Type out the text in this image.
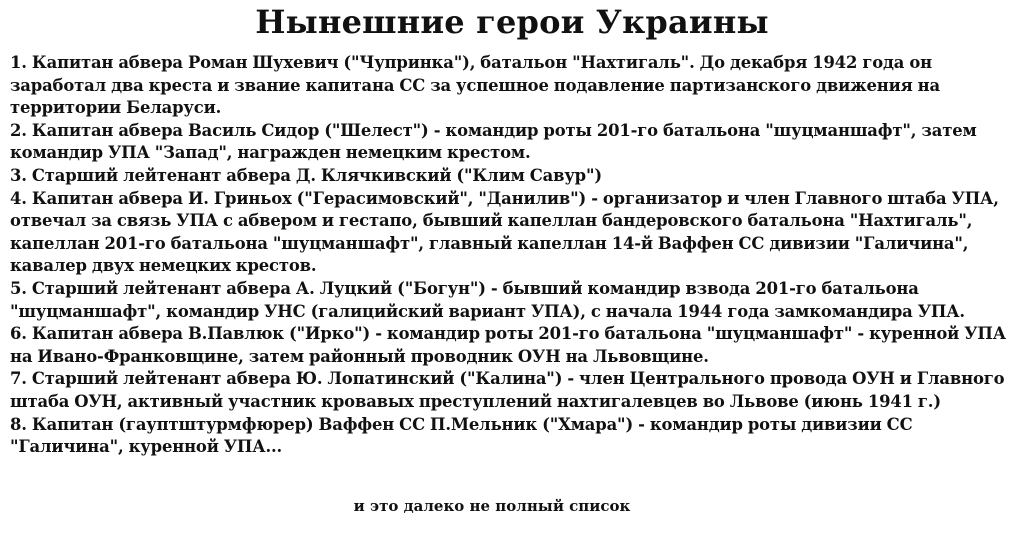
Нынешние герои Украины

1. Капитан абвера Роман Шухевич ("Чупринка"), батальон "Нахтигаль". До декабря 1942 года он заработал два креста и звание капитана СС за успешное подавление партизанского движения на территории Беларуси.

2. Капитан абвера Василь Сидор ("Шелест") - командир роты 201-го батальона "шуцманшафт", затем командир УПА "Запад", награжден немецким крестом.

3. Старший лейтенант абвера Д. Клячкивский ("Клим Савур")

4. Капитан абвера И. Гриньох ("Герасимовский", "Данилив") - организатор и член Главного штаба УПА, отвечал за связь УПА с абвером и гестапо, бывший капеллан бандеровского батальона "Нахтигаль", капеллан 201-го батальона "шуцманшафт", главный капеллан 14-й Ваффен СС дивизии "Галичина", кавалер двух немецких крестов.

5. Старший лейтенант абвера А. Луцкий ("Богун") - бывший командир взвода 201-го батальона "шуцманшафт", командир УНС (галицийский вариант УПА), с начала 1944 года замкомандира УПА.

6. Капитан абвера В.Павлюк ("Ирко") - командир роты 201-го батальона "шуцманшафт" - куренной УПА на Ивано-Франковщине, затем районный проводник ОУН на Львовщине.

7. Старший лейтенант абвера Ю. Лопатинский ("Калина") - член Центрального провода ОУН и Главного штаба ОУН, активный участник кровавых преступлений нахтигалевцев во Львове (июнь 1941 г.)

8. Капитан (гауптштурмфюрер) Ваффен СС П.Мельник ("Хмара") - командир роты дивизии СС "Галичина", куренной УПА...

и это далеко не полный список
